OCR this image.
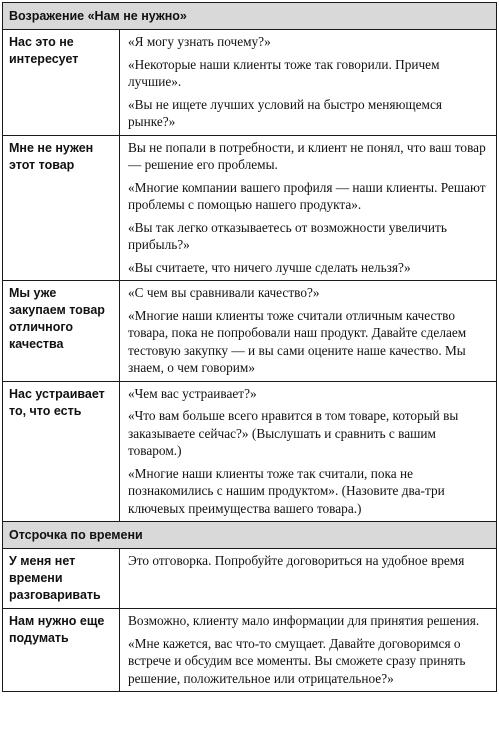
Возражение «Нам не нужно»	
Нас это не интересует	«Я могу узнать почему?»

«Некоторые наши клиенты тоже так говорили. Причем лучшие».

«Вы не ищете лучших условий на быстро меняющемся рынке?»

Мне не нужен этот товар	Вы не попали в потребности, и клиент не понял, что ваш товар — решение его проблемы.

«Многие компании вашего профиля — наши клиенты. Решают проблемы с помощью нашего продукта».

«Вы так легко отказываетесь от возможности увеличить прибыль?»

«Вы считаете, что ничего лучше сделать нельзя?»

Мы уже закупаем товар отличного качества	«С чем вы сравнивали качество?»

«Многие наши клиенты тоже считали отличным качество товара, пока не попробовали наш продукт. Давайте сделаем тестовую закупку — и вы сами оцените наше качество. Мы знаем, о чем говорим»

Нас устраивает то, что есть	«Чем вас устраивает?»

«Что вам больше всего нравится в том товаре, который вы заказываете сейчас?» (Выслушать и сравнить с вашим товаром.)

«Многие наши клиенты тоже так считали, пока не познакомились с нашим продуктом». (Назовите два-три ключевых преимущества вашего товара.)

Отсрочка по времени	
У меня нет времени разговаривать	Это отговорка. Попробуйте договориться на удобное время

Нам нужно еще подумать	Возможно, клиенту мало информации для принятия решения.

«Мне кажется, вас что-то смущает. Давайте договоримся о встрече и обсудим все моменты. Вы сможете сразу принять решение, положительное или отрицательное?»
